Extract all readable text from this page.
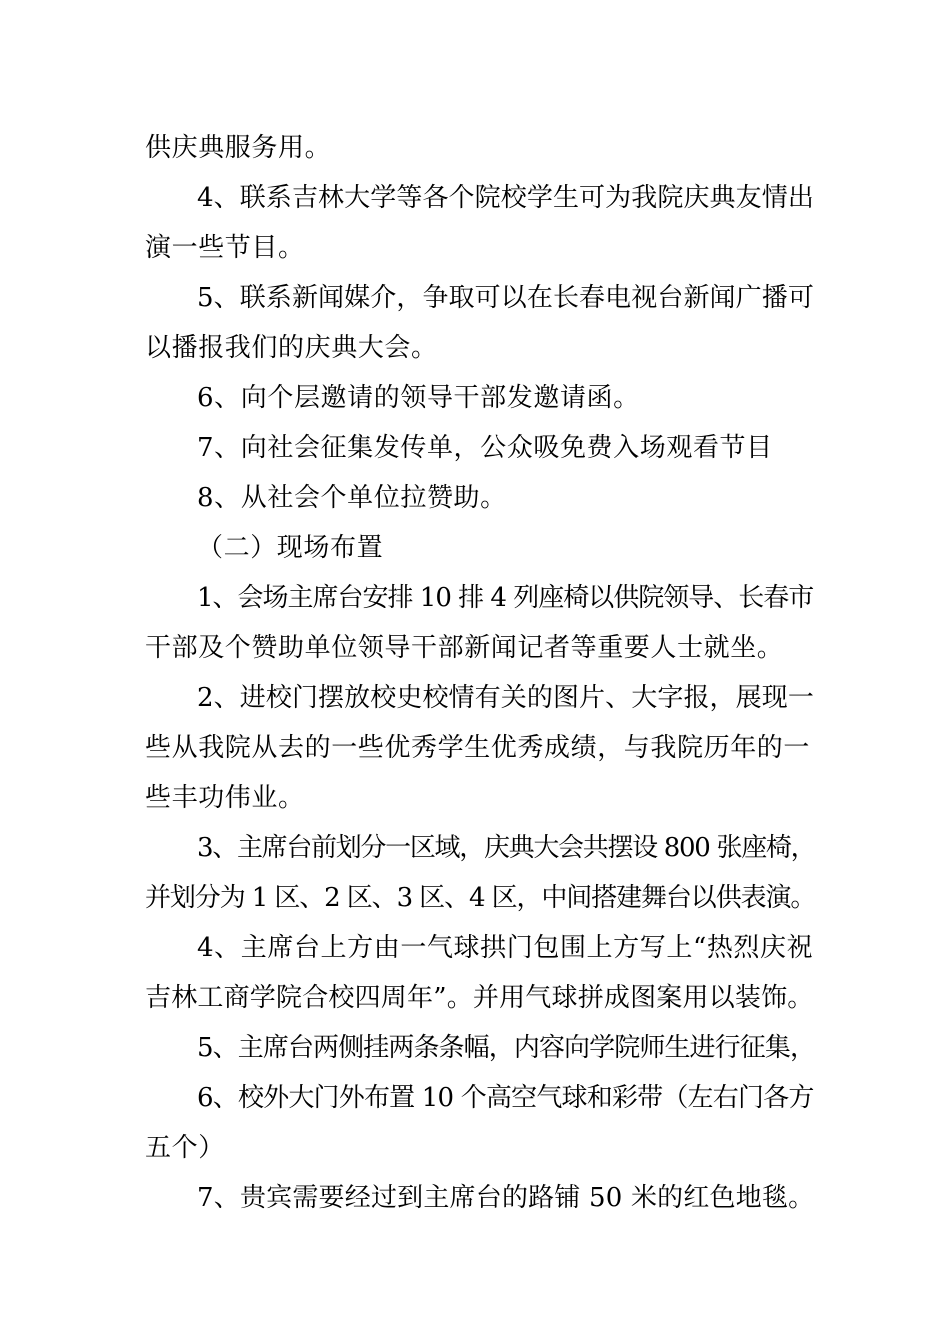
供庆典服务用。
4、联系吉林大学等各个院校学生可为我院庆典友情出
演一些节目。
5、联系新闻媒介，争取可以在长春电视台新闻广播可
以播报我们的庆典大会。
6、向个层邀请的领导干部发邀请函。
7、向社会征集发传单，公众吸免费入场观看节目
8、从社会个单位拉赞助。
（二）现场布置
1、会场主席台安排 10 排 4 列座椅以供院领导、长春市
干部及个赞助单位领导干部新闻记者等重要人士就坐。
2、进校门摆放校史校情有关的图片、大字报，展现一
些从我院从去的一些优秀学生优秀成绩，与我院历年的一
些丰功伟业。
3、主席台前划分一区域，庆典大会共摆设 800 张座椅，
并划分为 1 区、2 区、3 区、4 区，中间搭建舞台以供表演。
4、主席台上方由一气球拱门包围上方写上“热烈庆祝
吉林工商学院合校四周年”。并用气球拼成图案用以装饰。
5、主席台两侧挂两条条幅，内容向学院师生进行征集，
6、校外大门外布置 10 个高空气球和彩带（左右门各方
五个）
7、贵宾需要经过到主席台的路铺 50 米的红色地毯。
